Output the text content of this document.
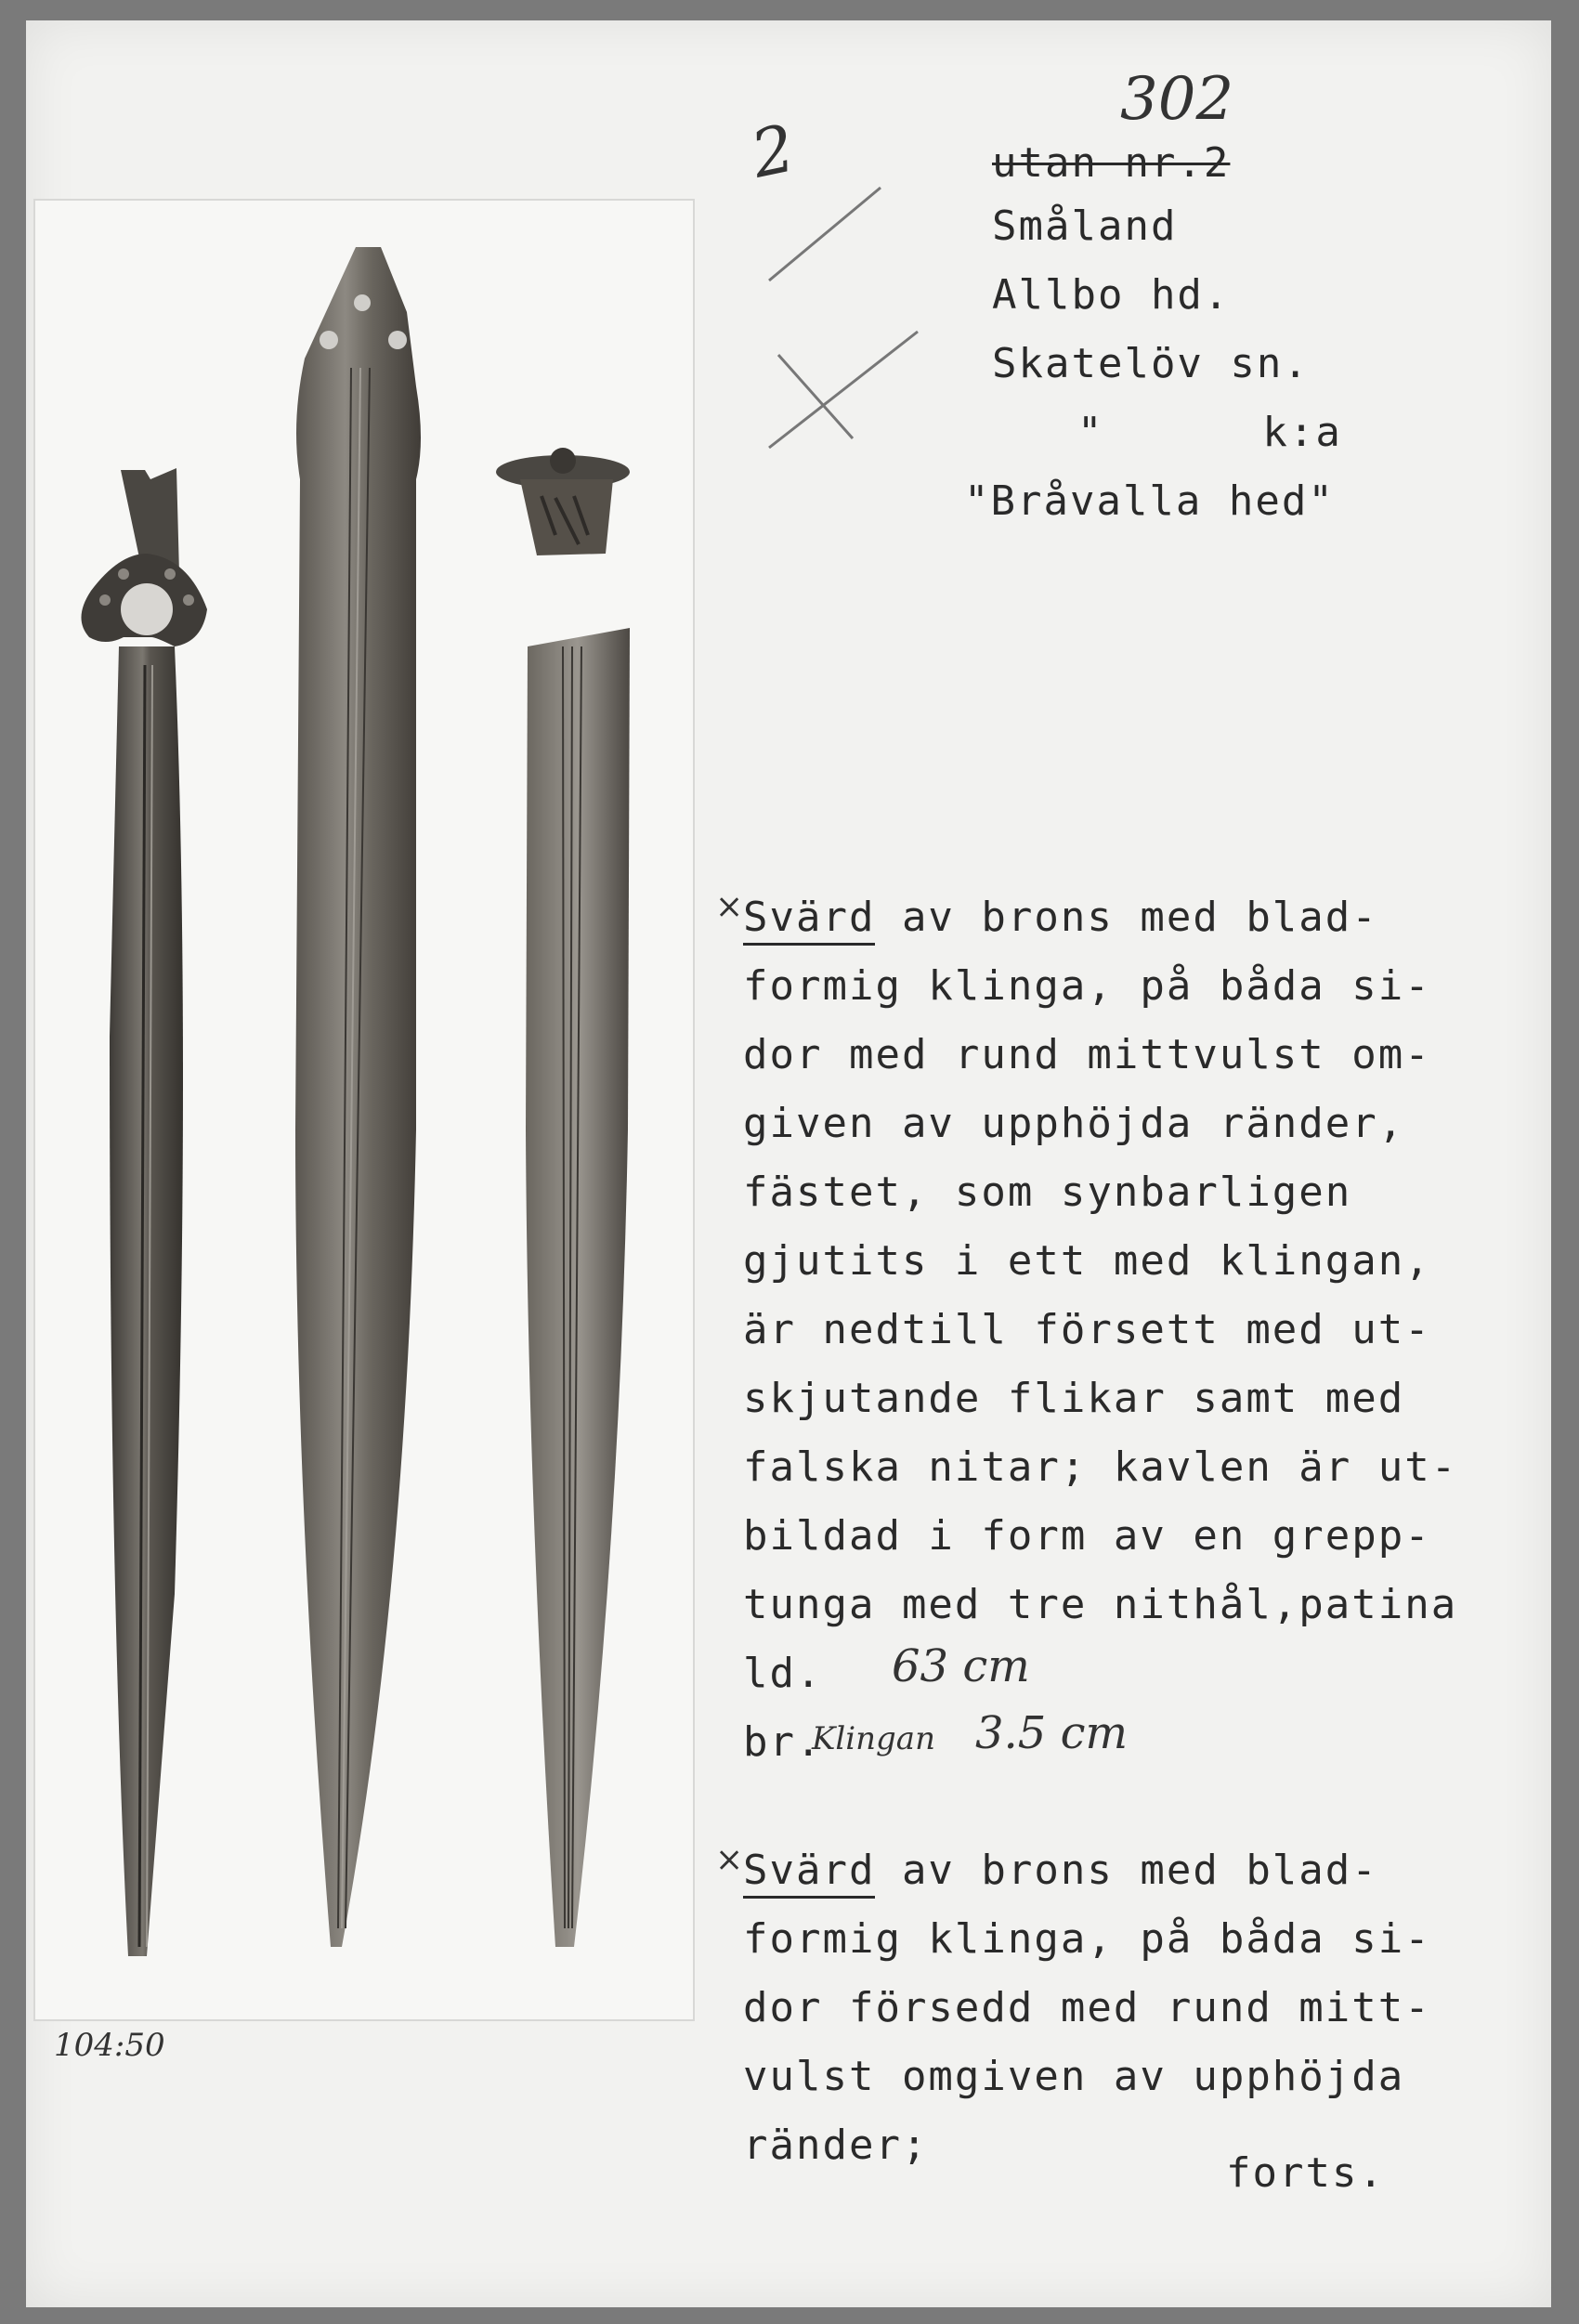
302
2	utan nr.2
Småland
Allbo hd.
Skatelöv sn.
"      k:a
"Bråvalla hed"
104:50
× Svärd av brons med blad-
formig klinga, på båda si-
dor med rund mittvulst om-
given av upphöjda ränder,
fästet, som synbarligen
gjutits i ett med klingan,
är nedtill försett med ut-
skjutande flikar samt med
falska nitar; kavlen är ut-
bildad i form av en grepp-
tunga med tre nithål,patina
ld. 63 cm
br.
Klingan 3.5 cm
× Svärd av brons med blad-
formig klinga, på båda si-
dor försedd med rund mitt-
vulst omgiven av upphöjda
ränder;
forts.
